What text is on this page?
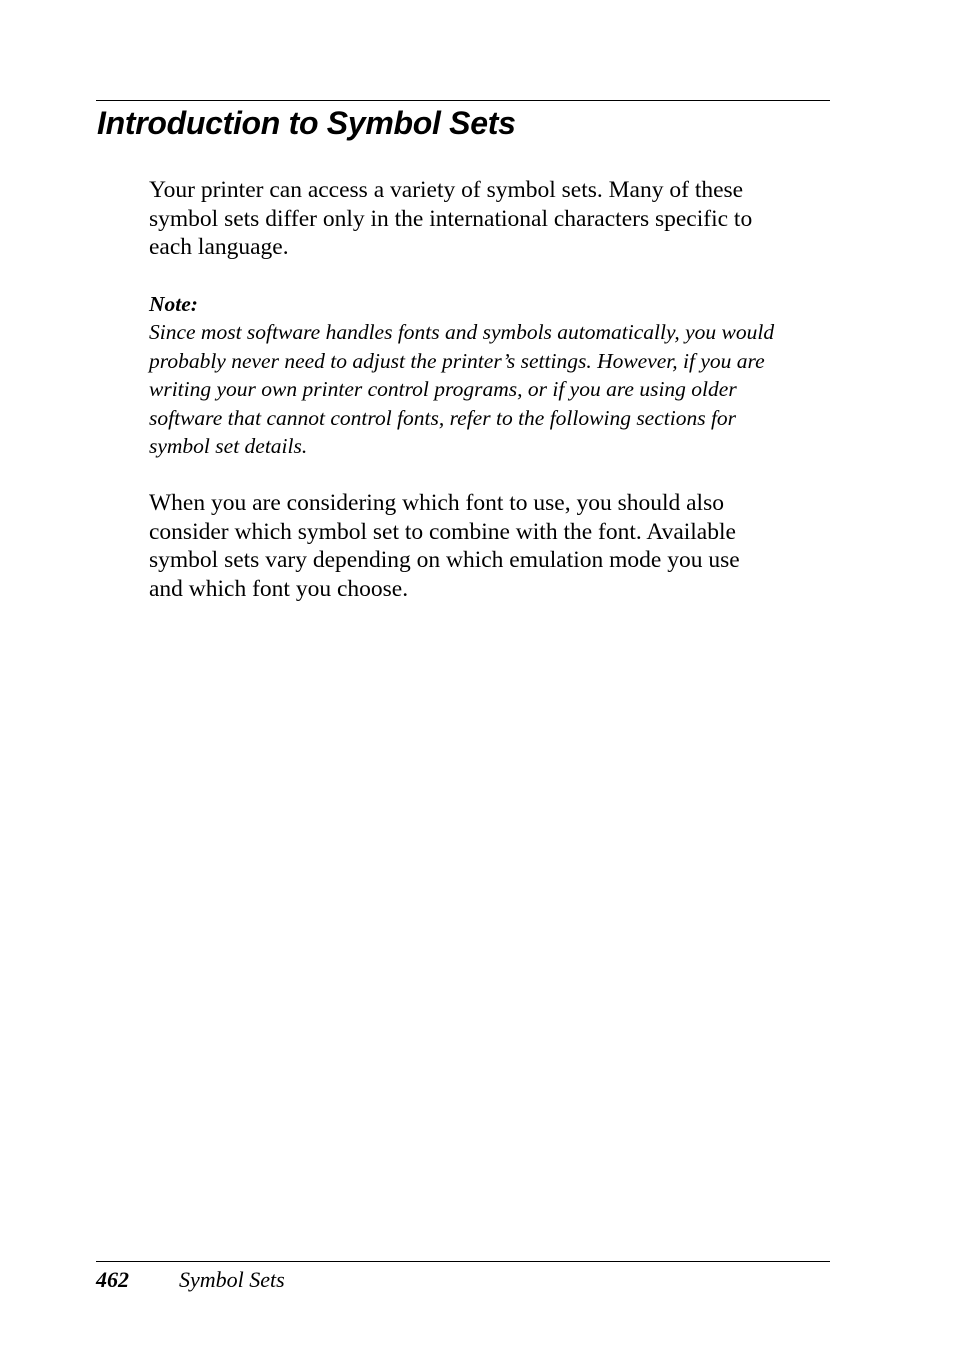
Introduction to Symbol Sets

Your printer can access a variety of symbol sets. Many of these
symbol sets differ only in the international characters specific to
each language.

Note:

Since most software handles fonts and symbols automatically, you would
probably never need to adjust the printer’s settings. However, if you are
writing your own printer control programs, or if you are using older
software that cannot control fonts, refer to the following sections for
symbol set details.

When you are considering which font to use, you should also
consider which symbol set to combine with the font. Available
symbol sets vary depending on which emulation mode you use
and which font you choose.

462 Symbol Sets
